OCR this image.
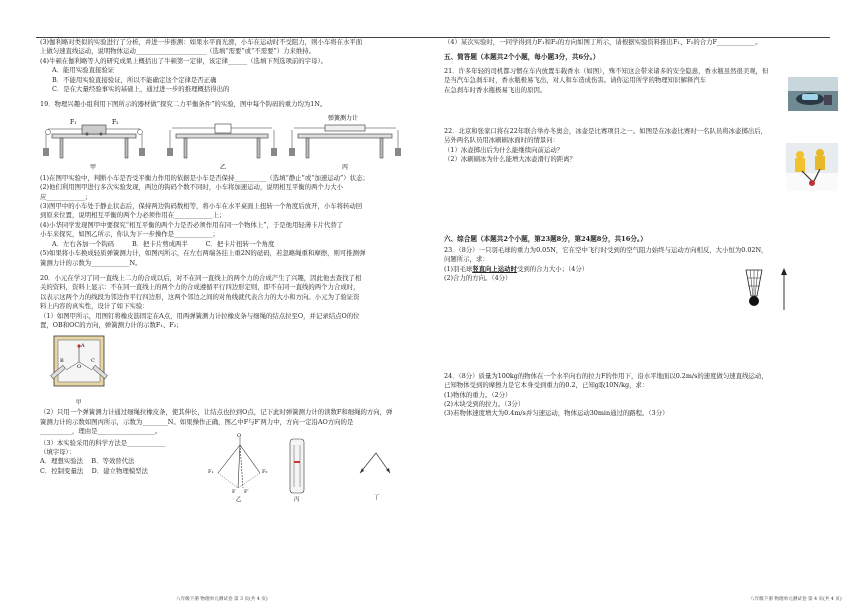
(3)伽利略对类似的实验进行了分析，并进一步推测：如果水平面光滑，小车在运动时不受阻力，则小车将在水平面

上做匀速直线运动，说明物体运动______________________（选填“需要”或“不需要”）力来维持。

(4)牛顿在伽利略等人的研究成果上概括出了牛顿第一定律，该定律______（选填下列选项前的字母）。

A．能用实验直接验证

B．不能用实验直接验证，所以不能确定这个定律是否正确

C．是在大量经验事实的基础上，通过进一步的推理概括得出的

19．物理兴趣小组利用下图所示的器材做“探究二力平衡条件”的实验，图中每个钩码的重力均为1N。

F₁	F₂
弹簧测力计
甲	乙	丙

(1)在图甲实验中，判断小车是否受平衡力作用的依据是小车是否保持__________（选填“静止”或“加速运动”）状态；

(2)他们利用图甲进行多次实验发现，两边的钩码个数不同时，小车将加速运动，说明相互平衡的两个力大小

应____________；

(3)图甲中的小车处于静止状态后，保持两边钩码数相等，将小车在水平桌面上扭转一个角度后放开，小车将转动回

到原来位置，说明相互平衡的两个力必须作用在____________上；

(4)小华同学发现图甲中要探究“相互平衡的两个力是否必须作用在同一个物体上”，于是他用轻薄卡片代替了

小车来探究，如图乙所示，你认为下一步操作是____________；

A．左右各加一个钩码　　	B．把卡片剪成两半　　	C．把卡片扭转一个角度

(5)如果将小车换成轻质弹簧测力计，如图丙所示，在左右两端各挂上重2N的砝码，若忽略绳重和摩擦，则可推测弹

簧测力计的示数为____________N。

20．小元在学习了同一直线上二力的合成以后，对不在同一直线上的两个力的合成产生了兴趣，因此他去查找了相

关的资料，资料上显示：不在同一直线上的两个力的合成遵循平行四边形定则，即不在同一直线的两个力合成时，

以表示这两个力的线段为邻边作平行四边形，这两个邻边之间的对角线就代表合力的大小和方向。小元为了验证资

料上内容的真实性，设计了如下实验：

（1）如图甲所示，用图钉将橡皮筋固定在A点，用两弹簧测力计拉橡皮条与细绳的结点拉至O，并记录结点O的位

置，OB和OC的方向，弹簧测力计的示数F₁、F₂；

A
B
O
C
甲

（2）只用一个弹簧测力计通过细绳拉橡皮条，使其伸长，让结点也拉到O点，记下此时弹簧测力计的读数F和细绳的方向，弹

簧测力计的示数如图丙所示，示数为________N。如果操作正确，图乙中F与F′两力中，方向一定沿AO方向的是

__________，理由是__________________。

（3）本实验采用的科学方法是____________

（填字母）：

A．理想实验法　 B．等效替代法

C．控制变量法　 D．建立物理模型法

O
F₁	F₂
F F′
乙	丙	丁
八年级下册 物理单元测试卷 第 3 页(共 4 页)

（4）某次实验时，一同学得到力F₁和F₂的方向如图丁所示，请根据实验资料推出F₁、F₂的合力F____________。

五、简答题（本题共2个小题，每小题3分，共6分。）

21．许多年轻的司机都习惯在车内放置车载香水（如图），殊不知这会带来诸多的安全隐患，香水瓶虽然很美观，但

是当汽车急刹车时，香水瓶极易飞出，对人和车造成伤害。请你运用所学的物理知识解释汽车

在急刹车时香水瓶极易飞出的原因。

22．北京和张家口将在22年联合举办冬奥会，冰壶是比赛项目之一。如图是在冰壶比赛时一名队员将冰壶掷出后，

另外两名队员用冰刷刷冰面时的情景问：

（1）冰壶掷出后为什么能继续向前运动？

（2）冰刷刷冰为什么能增大冰壶滑行的距离？

六、综合题（本题共2个小题，第23题8分，第24题8分，共16分。）

23．（8分）一只羽毛球的重力为0.05N，它在空中飞行时受到的空气阻力始终与运动方向相反，大小恒为0.02N，

问题所示，求：

(1)羽毛球竖直向上运动时受到的合力大小；（4分）

(2)合力的方向。（4分）

24．（8分）质量为100kg的物体在一个水平向右的拉力F的作用下，沿水平地面以0.2m/s的速度做匀速直线运动，

已知物体受到的摩擦力是它本身受到重力的0.2，已知g取10N/kg，求：

(1)物体的重力。（2分）

(2)木块受到的拉力。（3分）

(3)若物体速度增大为0.4m/s并匀速运动，物体运动30min通过的路程。（3分）

八年级下册 物理单元测试卷 第 4 页(共 4 页)
